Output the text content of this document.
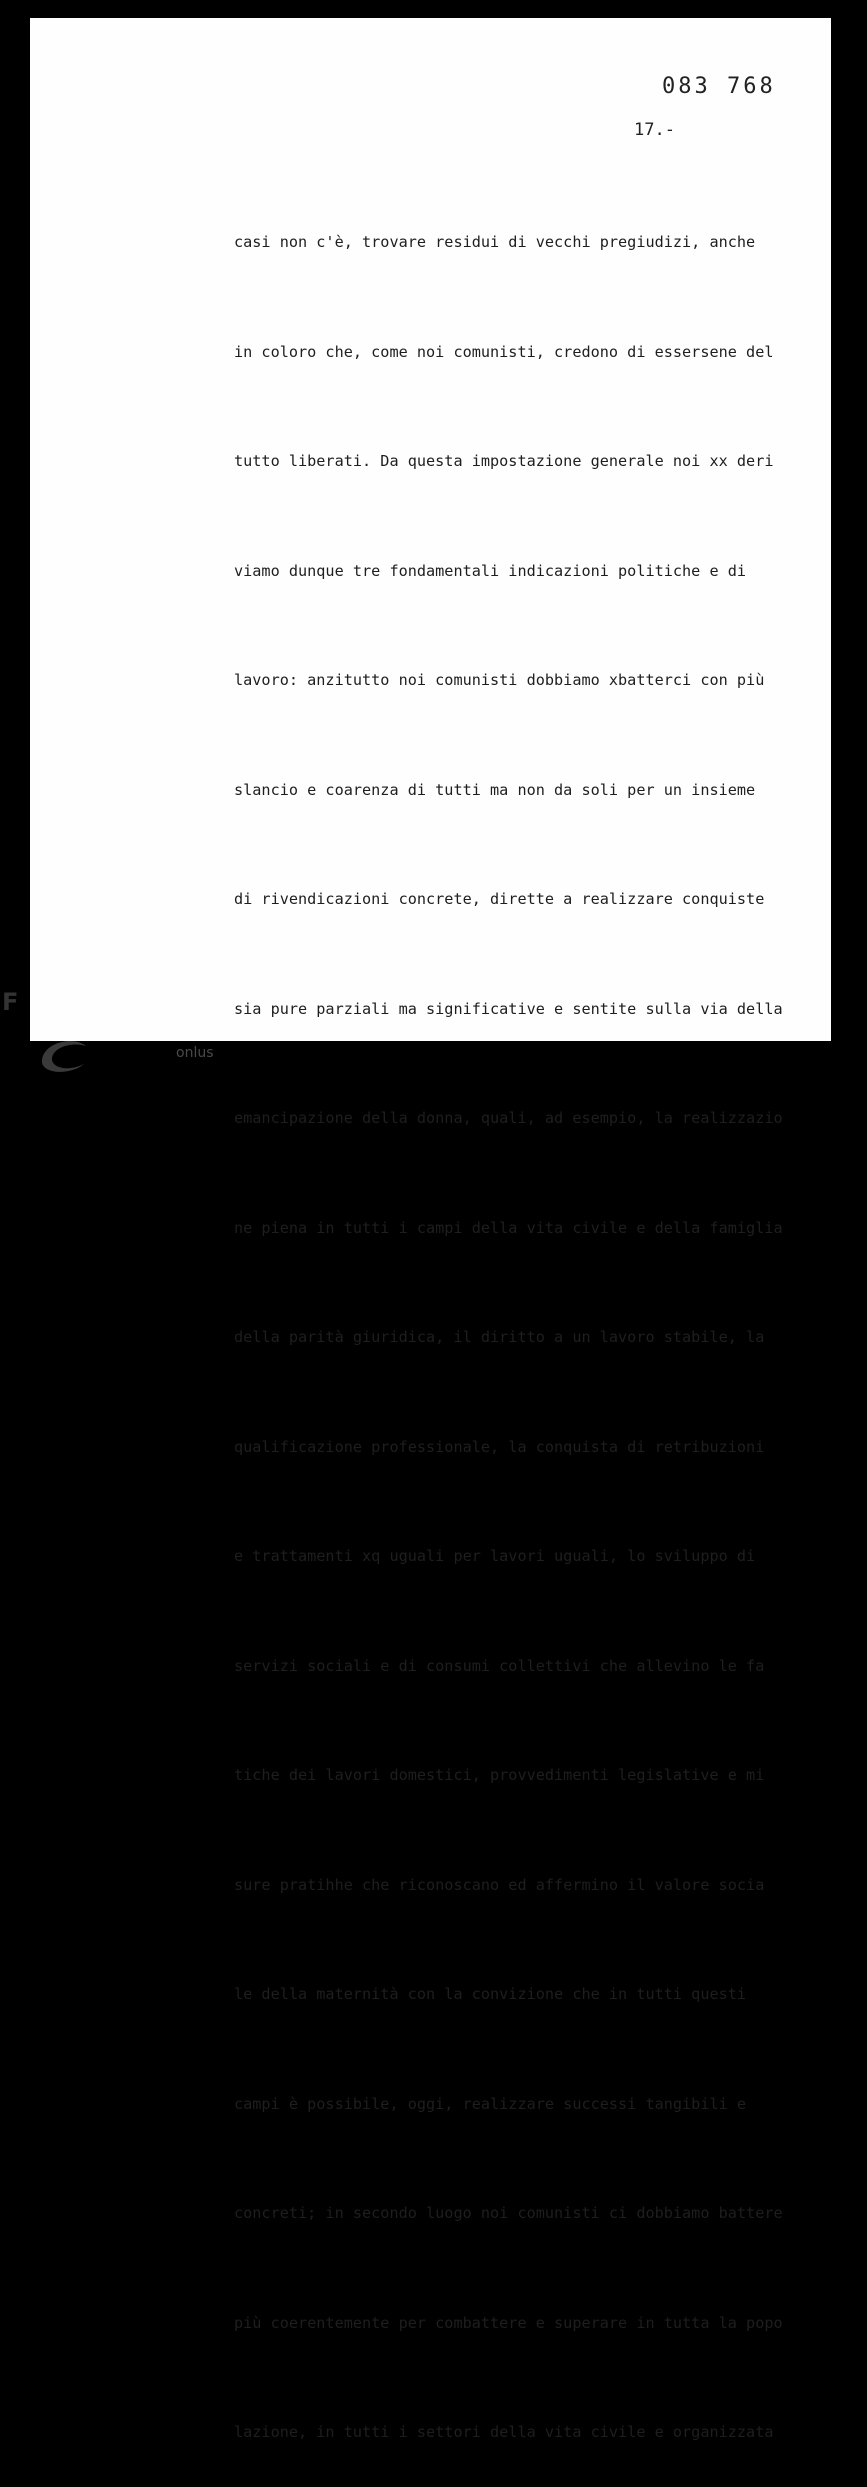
083 768
17.-

casi non c'è, trovare residui di vecchi pregiudizi, anche

in coloro che, come noi comunisti, credono di essersene del

tutto liberati. Da questa impostazione generale noi xx deri

viamo dunque tre fondamentali indicazioni politiche e di

lavoro: anzitutto noi comunisti dobbiamo xbatterci con più

slancio e coarenza di tutti ma non da soli per un insieme

di rivendicazioni concrete, dirette a realizzare conquiste

sia pure parziali ma significative e sentite sulla via della

emancipazione della donna, quali, ad esempio, la realizzazio

ne piena in tutti i campi della vita civile e della famiglia

della parità giuridica, il diritto a un lavoro stabile, la

qualificazione professionale, la conquista di retribuzioni

e trattamenti xq uguali per lavori uguali, lo sviluppo di

servizi sociali e di consumi collettivi che allevino le fa

tiche dei lavori domestici, provvedimenti legislative e mi

sure pratihhe che riconoscano ed affermino il valore socia

le della maternità con la convizione che in tutti questi

campi è possibile, oggi, realizzare successi tangibili e

concreti; in secondo luogo noi comunisti ci dobbiamo battere

più coerentemente per combattere e superare in tutta la popo

lazione, in tutti i settori della vita civile e organizzata

F
onlus
